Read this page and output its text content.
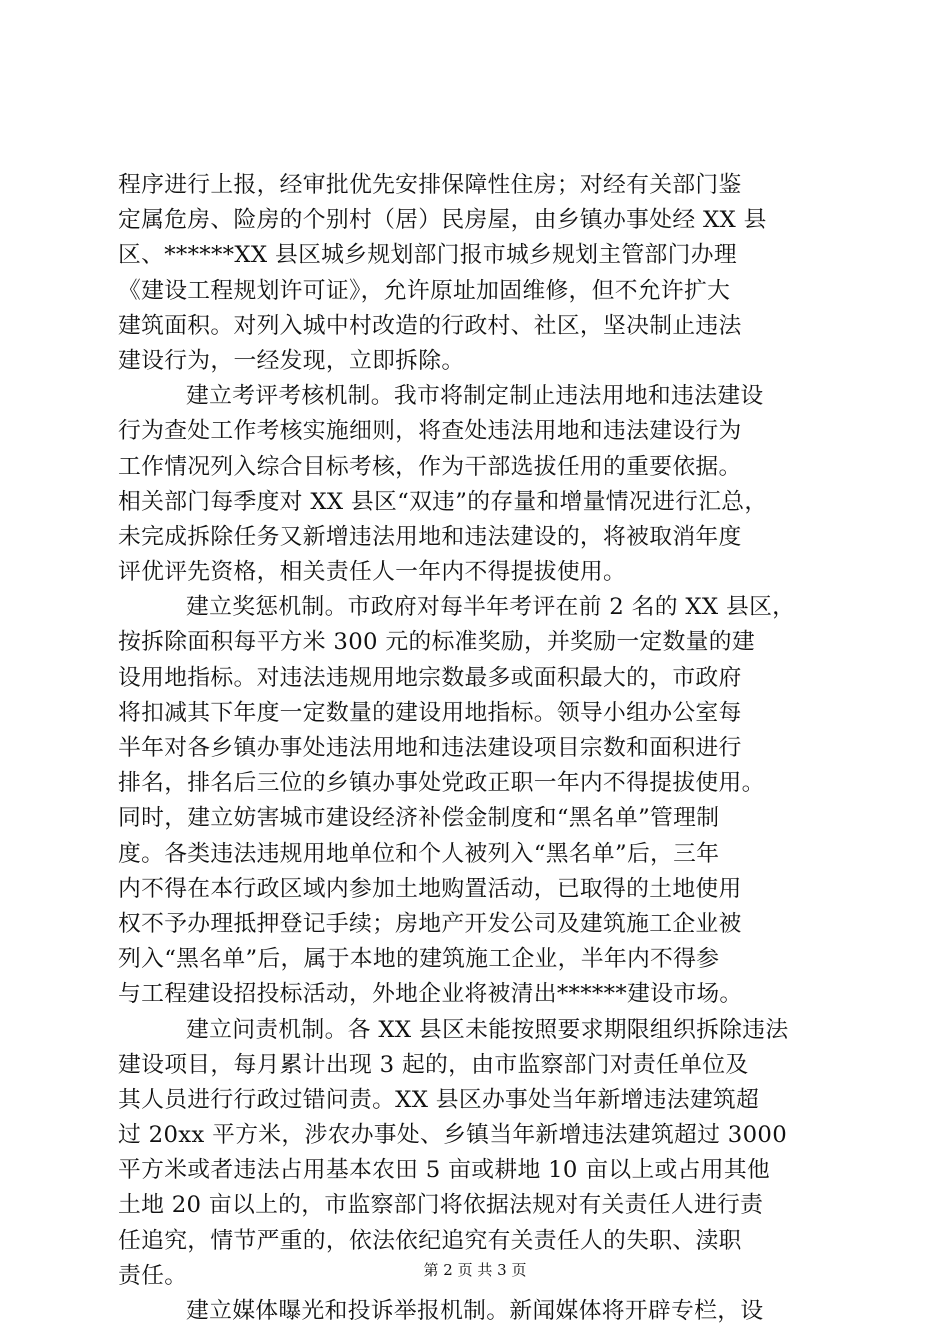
程序进行上报，经审批优先安排保障性住房；对经有关部门鉴
定属危房、险房的个别村（居）民房屋，由乡镇办事处经 XX 县
区、******XX 县区城乡规划部门报市城乡规划主管部门办理
《建设工程规划许可证》，允许原址加固维修，但不允许扩大
建筑面积。对列入城中村改造的行政村、社区，坚决制止违法
建设行为，一经发现，立即拆除。
建立考评考核机制。我市将制定制止违法用地和违法建设
行为查处工作考核实施细则，将查处违法用地和违法建设行为
工作情况列入综合目标考核，作为干部选拔任用的重要依据。
相关部门每季度对 XX 县区“双违”的存量和增量情况进行汇总，
未完成拆除任务又新增违法用地和违法建设的，将被取消年度
评优评先资格，相关责任人一年内不得提拔使用。
建立奖惩机制。市政府对每半年考评在前 2 名的 XX 县区，
按拆除面积每平方米 300 元的标准奖励，并奖励一定数量的建
设用地指标。对违法违规用地宗数最多或面积最大的，市政府
将扣减其下年度一定数量的建设用地指标。领导小组办公室每
半年对各乡镇办事处违法用地和违法建设项目宗数和面积进行
排名，排名后三位的乡镇办事处党政正职一年内不得提拔使用。
同时，建立妨害城市建设经济补偿金制度和“黑名单”管理制
度。各类违法违规用地单位和个人被列入“黑名单”后，三年
内不得在本行政区域内参加土地购置活动，已取得的土地使用
权不予办理抵押登记手续；房地产开发公司及建筑施工企业被
列入“黑名单”后，属于本地的建筑施工企业，半年内不得参
与工程建设招投标活动，外地企业将被清出******建设市场。
建立问责机制。各 XX 县区未能按照要求期限组织拆除违法
建设项目，每月累计出现 3 起的，由市监察部门对责任单位及
其人员进行行政过错问责。XX 县区办事处当年新增违法建筑超
过 20xx 平方米，涉农办事处、乡镇当年新增违法建筑超过 3000
平方米或者违法占用基本农田 5 亩或耕地 10 亩以上或占用其他
土地 20 亩以上的，市监察部门将依据法规对有关责任人进行责
任追究，情节严重的，依法依纪追究有关责任人的失职、渎职
责任。
建立媒体曝光和投诉举报机制。新闻媒体将开辟专栏，设
第 2 页 共 3 页
